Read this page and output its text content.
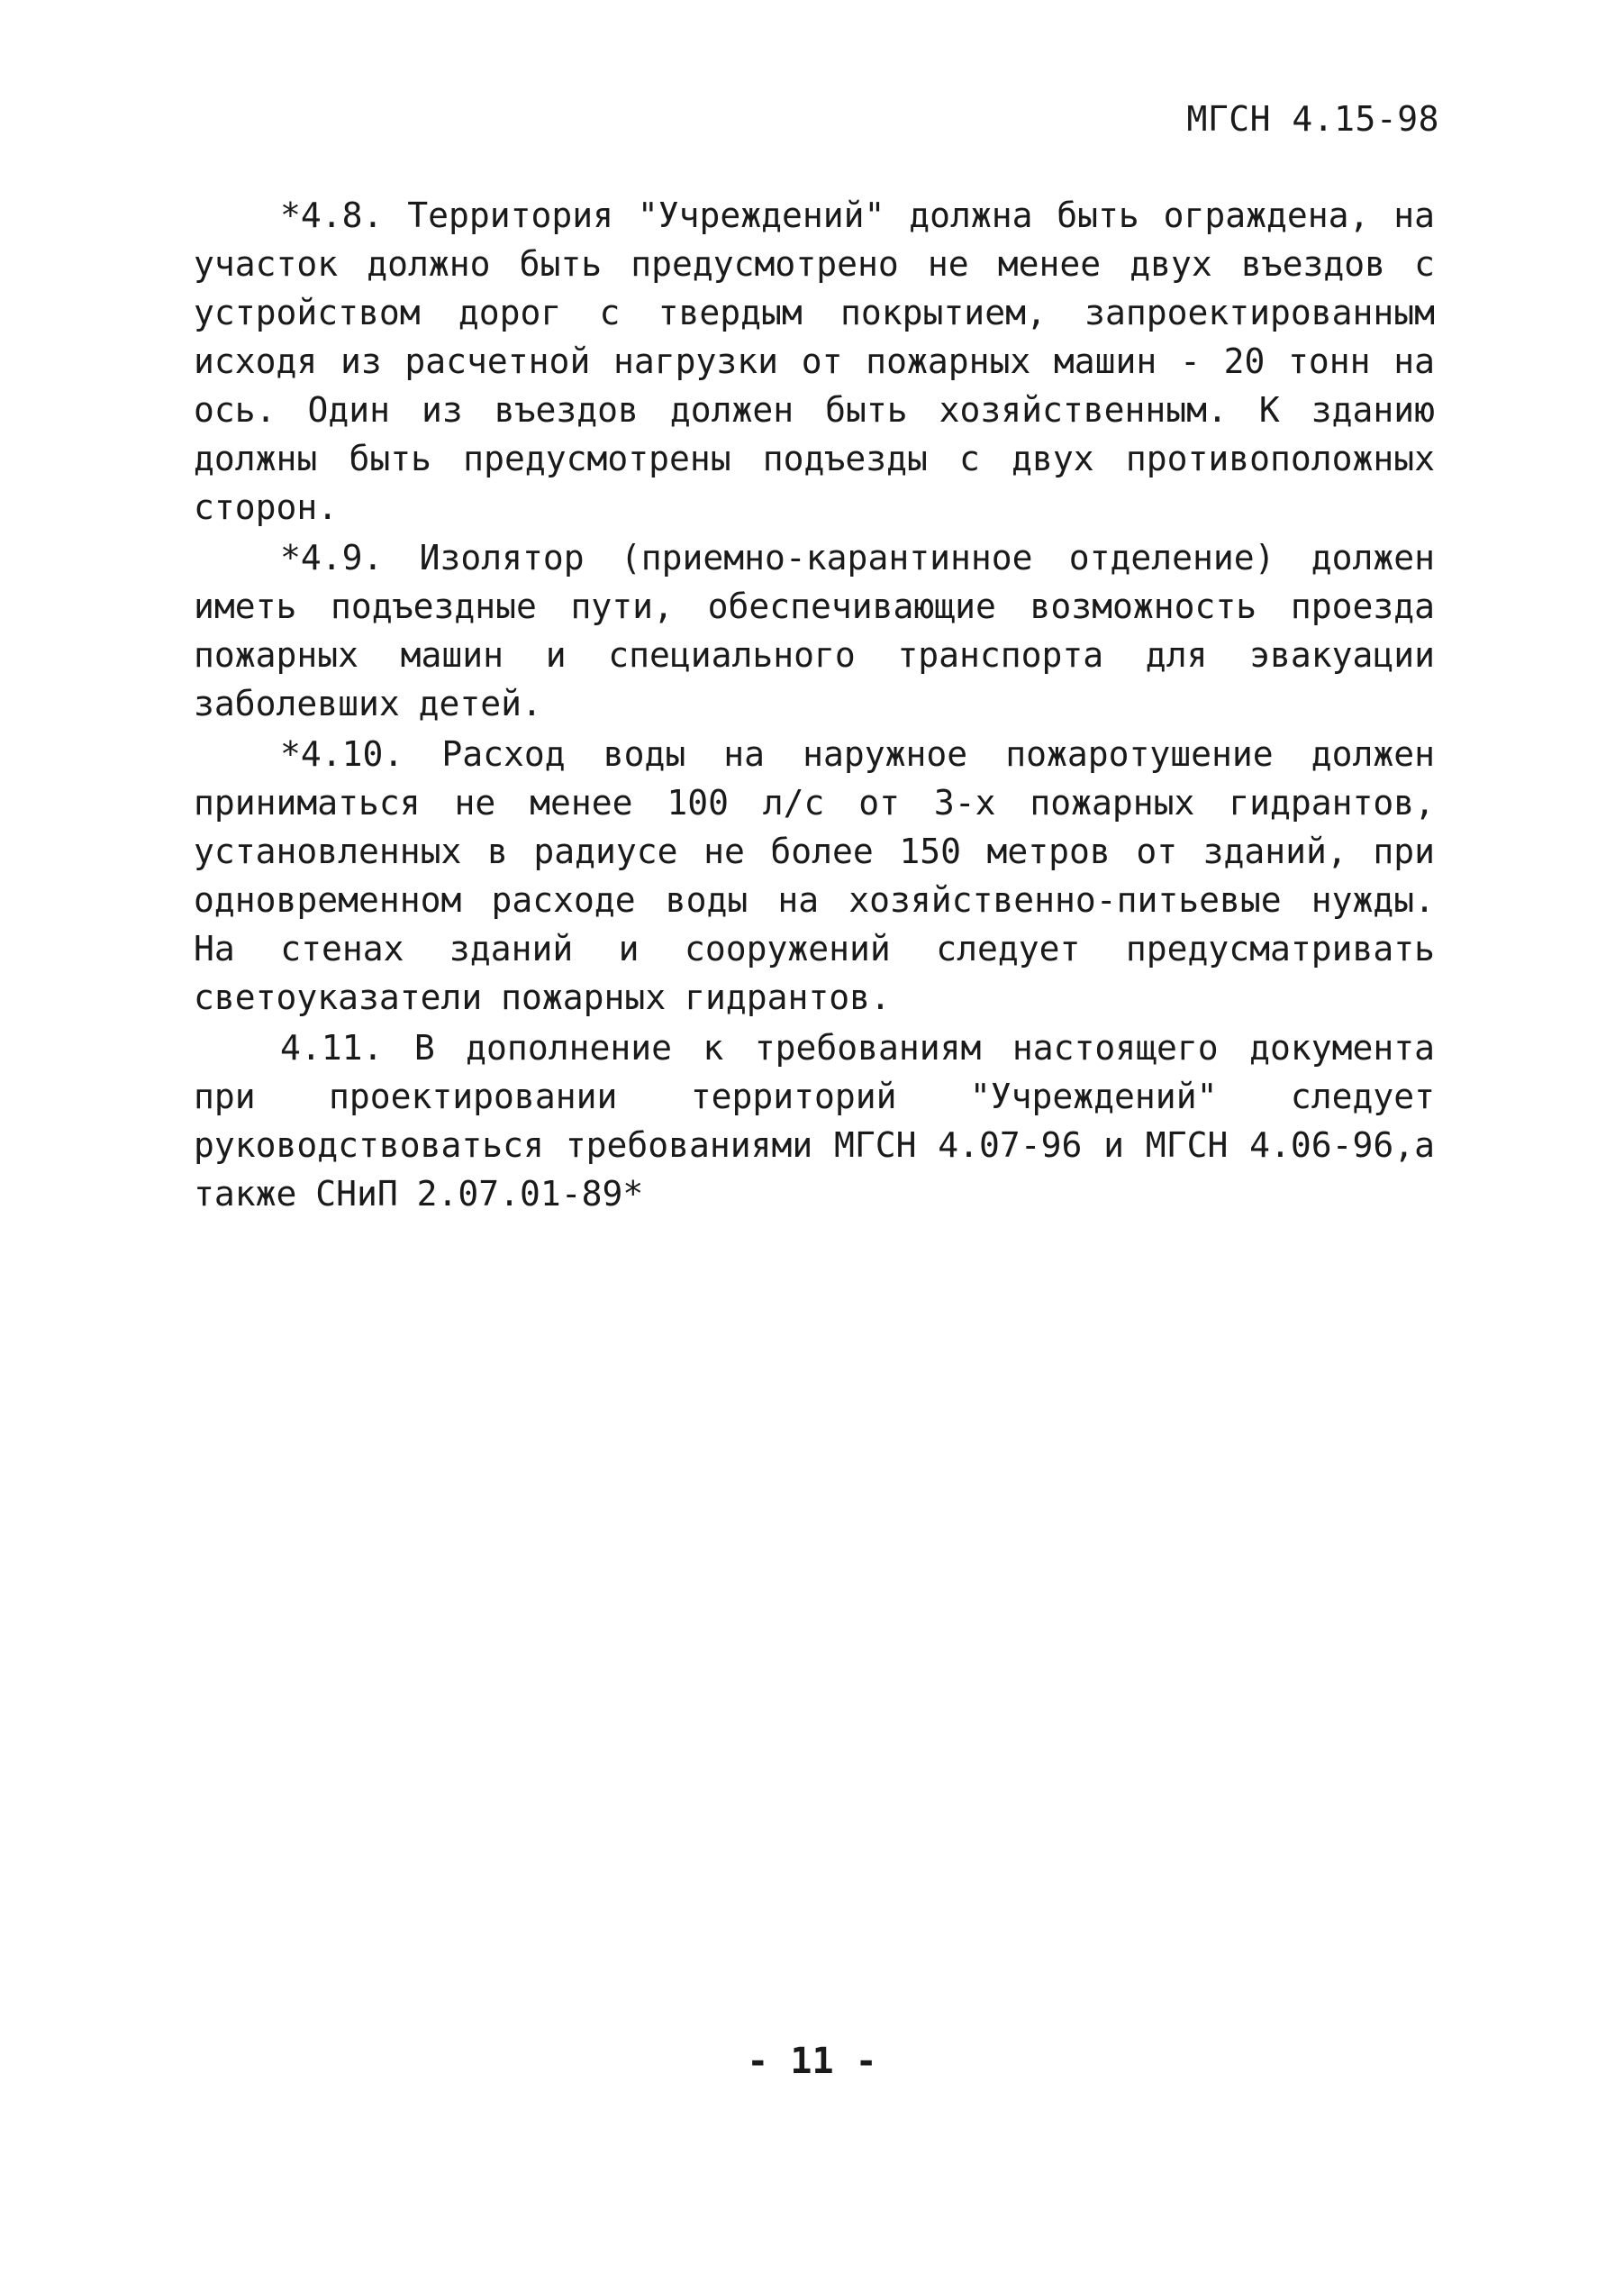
МГСН 4.15-98

*4.8. Территория "Учреждений" должна быть ограждена, на участок должно быть предусмотрено не менее двух въездов с устройством дорог с твердым покрытием, запроектированным исходя из расчетной нагрузки от пожарных машин - 20 тонн на ось. Один из въездов должен быть хозяйственным. К зданию должны быть предусмотрены подъезды с двух противоположных сторон.

*4.9. Изолятор (приемно-карантинное отделение) должен иметь подъездные пути, обеспечивающие возможность проезда пожарных машин и специального транспорта для эвакуации заболевших детей.

*4.10. Расход воды на наружное пожаротушение должен приниматься не менее 100 л/с от 3-х пожарных гидрантов, установленных в радиусе не более 150 метров от зданий, при одновременном расходе воды на хозяйственно-питьевые нужды. На стенах зданий и сооружений следует предусматривать светоуказатели пожарных гидрантов.

4.11. В дополнение к требованиям настоящего документа при проектировании территорий "Учреждений" следует руководствоваться требованиями МГСН 4.07-96 и МГСН 4.06-96,а также СНиП 2.07.01-89*

- 11 -
